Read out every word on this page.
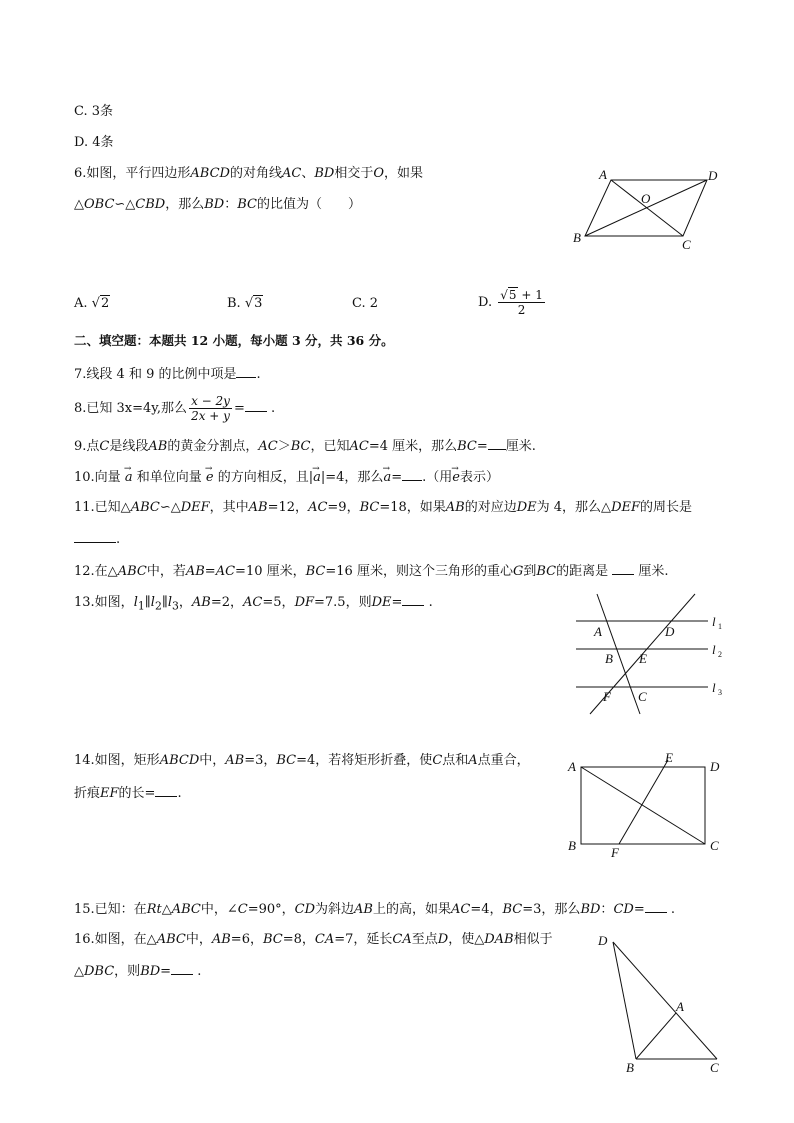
C. 3条
D. 4条
6.如图，平行四边形ABCD的对角线AC、BD相交于O，如果
△OBC∽△CBD，那么BD：BC的比值为（　　）
A	D
O
B	C
A. √2	B. √3	C. 2	D. $\frac{√5 + 1}{2}$
二、填空题：本题共 12 小题，每小题 3 分，共 36 分。
7.线段 4 和 9 的比例中项是 .
8.已知 3x=4y,那么 $\frac{x - 2y}{2x + y}$ = .
9.点C是线段AB的黄金分割点，AC＞BC，已知AC=4 厘米，那么BC= 厘米.
10.向量 → a 和单位向量 → e 的方向相反，且|→ a|=4，那么→ a= .（用→ e表示）
11.已知△ABC∽△DEF，其中AB=12，AC=9，BC=18，如果AB的对应边DE为 4，那么△DEF的周长是
.
12.在△ABC中，若AB=AC=10 厘米，BC=16 厘米，则这个三角形的重心G到BC的距离是 厘米.
13.如图，$l_1\parallel l_2\parallel l_3$，AB=2，AC=5，DF=7.5，则DE= .
A	D
B E
F C
l 1
l 2
l 3
14.如图，矩形ABCD中，AB=3，BC=4，若将矩形折叠，使C点和A点重合，
折痕EF的长= .
A
E
D
B	F	C
15.已知：在Rt△ABC中，∠C=90°，CD为斜边AB上的高，如果AC=4，BC=3，那么BD：CD= .
16.如图，在△ABC中，AB=6，BC=8，CA=7，延长CA至点D，使△DAB相似于
△DBC，则BD= .
D
A
B	C
